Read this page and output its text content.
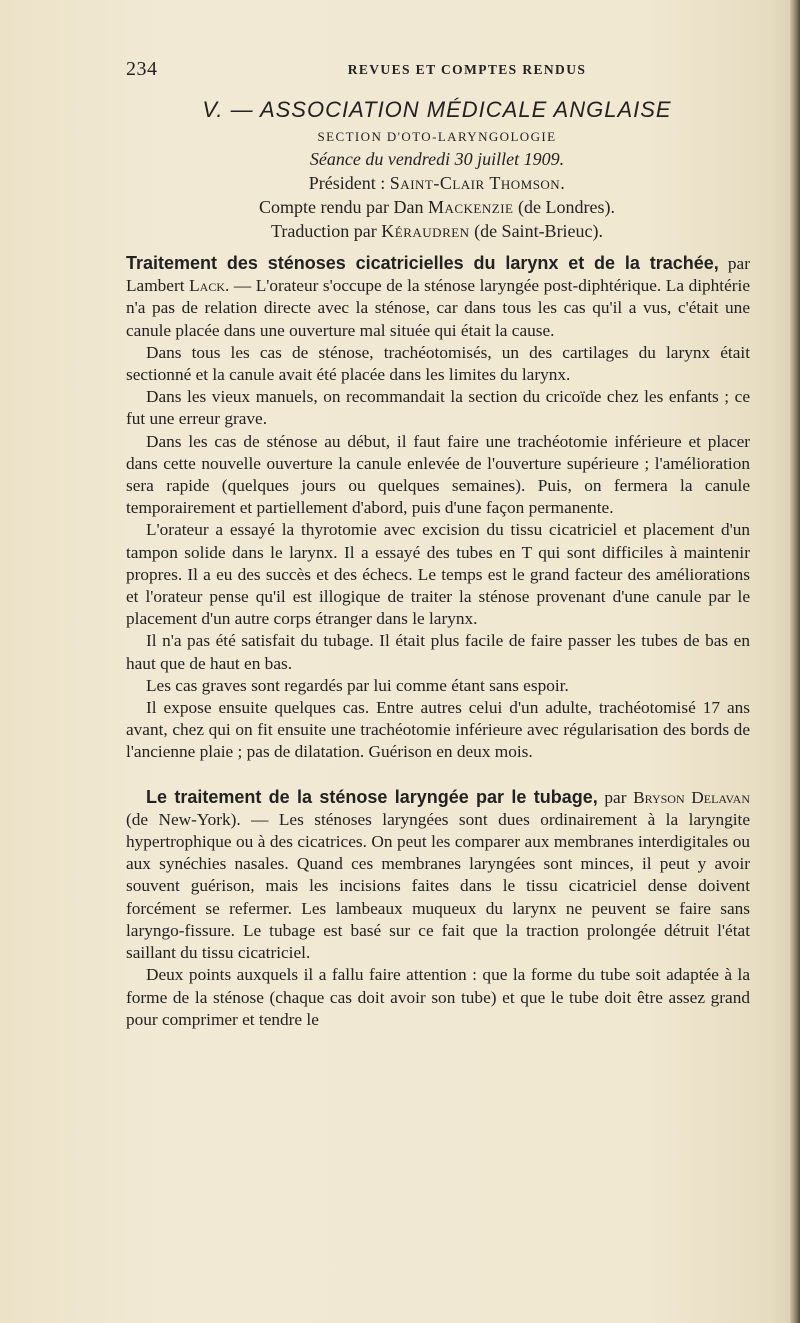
234	REVUES ET COMPTES RENDUS
V. — ASSOCIATION MÉDICALE ANGLAISE
SECTION D'OTO-LARYNGOLOGIE
Séance du vendredi 30 juillet 1909.
Président : Saint-Clair Thomson.
Compte rendu par Dan Mackenzie (de Londres).
Traduction par Kéraudren (de Saint-Brieuc).

Traitement des sténoses cicatricielles du larynx et de la trachée, par Lambert Lack. — L'orateur s'occupe de la sténose laryngée post-diphtérique. La diphtérie n'a pas de relation directe avec la sténose, car dans tous les cas qu'il a vus, c'était une canule placée dans une ouverture mal située qui était la cause.

Dans tous les cas de sténose, trachéotomisés, un des cartilages du larynx était sectionné et la canule avait été placée dans les limites du larynx.

Dans les vieux manuels, on recommandait la section du cricoïde chez les enfants ; ce fut une erreur grave.

Dans les cas de sténose au début, il faut faire une trachéotomie inférieure et placer dans cette nouvelle ouverture la canule enlevée de l'ouverture supérieure ; l'amélioration sera rapide (quelques jours ou quelques semaines). Puis, on fermera la canule temporairement et partiellement d'abord, puis d'une façon permanente.

L'orateur a essayé la thyrotomie avec excision du tissu cicatriciel et placement d'un tampon solide dans le larynx. Il a essayé des tubes en T qui sont difficiles à maintenir propres. Il a eu des succès et des échecs. Le temps est le grand facteur des améliorations et l'orateur pense qu'il est illogique de traiter la sténose provenant d'une canule par le placement d'un autre corps étranger dans le larynx.

Il n'a pas été satisfait du tubage. Il était plus facile de faire passer les tubes de bas en haut que de haut en bas.

Les cas graves sont regardés par lui comme étant sans espoir.

Il expose ensuite quelques cas. Entre autres celui d'un adulte, trachéotomisé 17 ans avant, chez qui on fit ensuite une trachéotomie inférieure avec régularisation des bords de l'ancienne plaie ; pas de dilatation. Guérison en deux mois.

Le traitement de la sténose laryngée par le tubage, par Bryson Delavan (de New-York). — Les sténoses laryngées sont dues ordinairement à la laryngite hypertrophique ou à des cicatrices. On peut les comparer aux membranes interdigitales ou aux synéchies nasales. Quand ces membranes laryngées sont minces, il peut y avoir souvent guérison, mais les incisions faites dans le tissu cicatriciel dense doivent forcément se refermer. Les lambeaux muqueux du larynx ne peuvent se faire sans laryngo-fissure. Le tubage est basé sur ce fait que la traction prolongée détruit l'état saillant du tissu cicatriciel.

Deux points auxquels il a fallu faire attention : que la forme du tube soit adaptée à la forme de la sténose (chaque cas doit avoir son tube) et que le tube doit être assez grand pour comprimer et tendre le
